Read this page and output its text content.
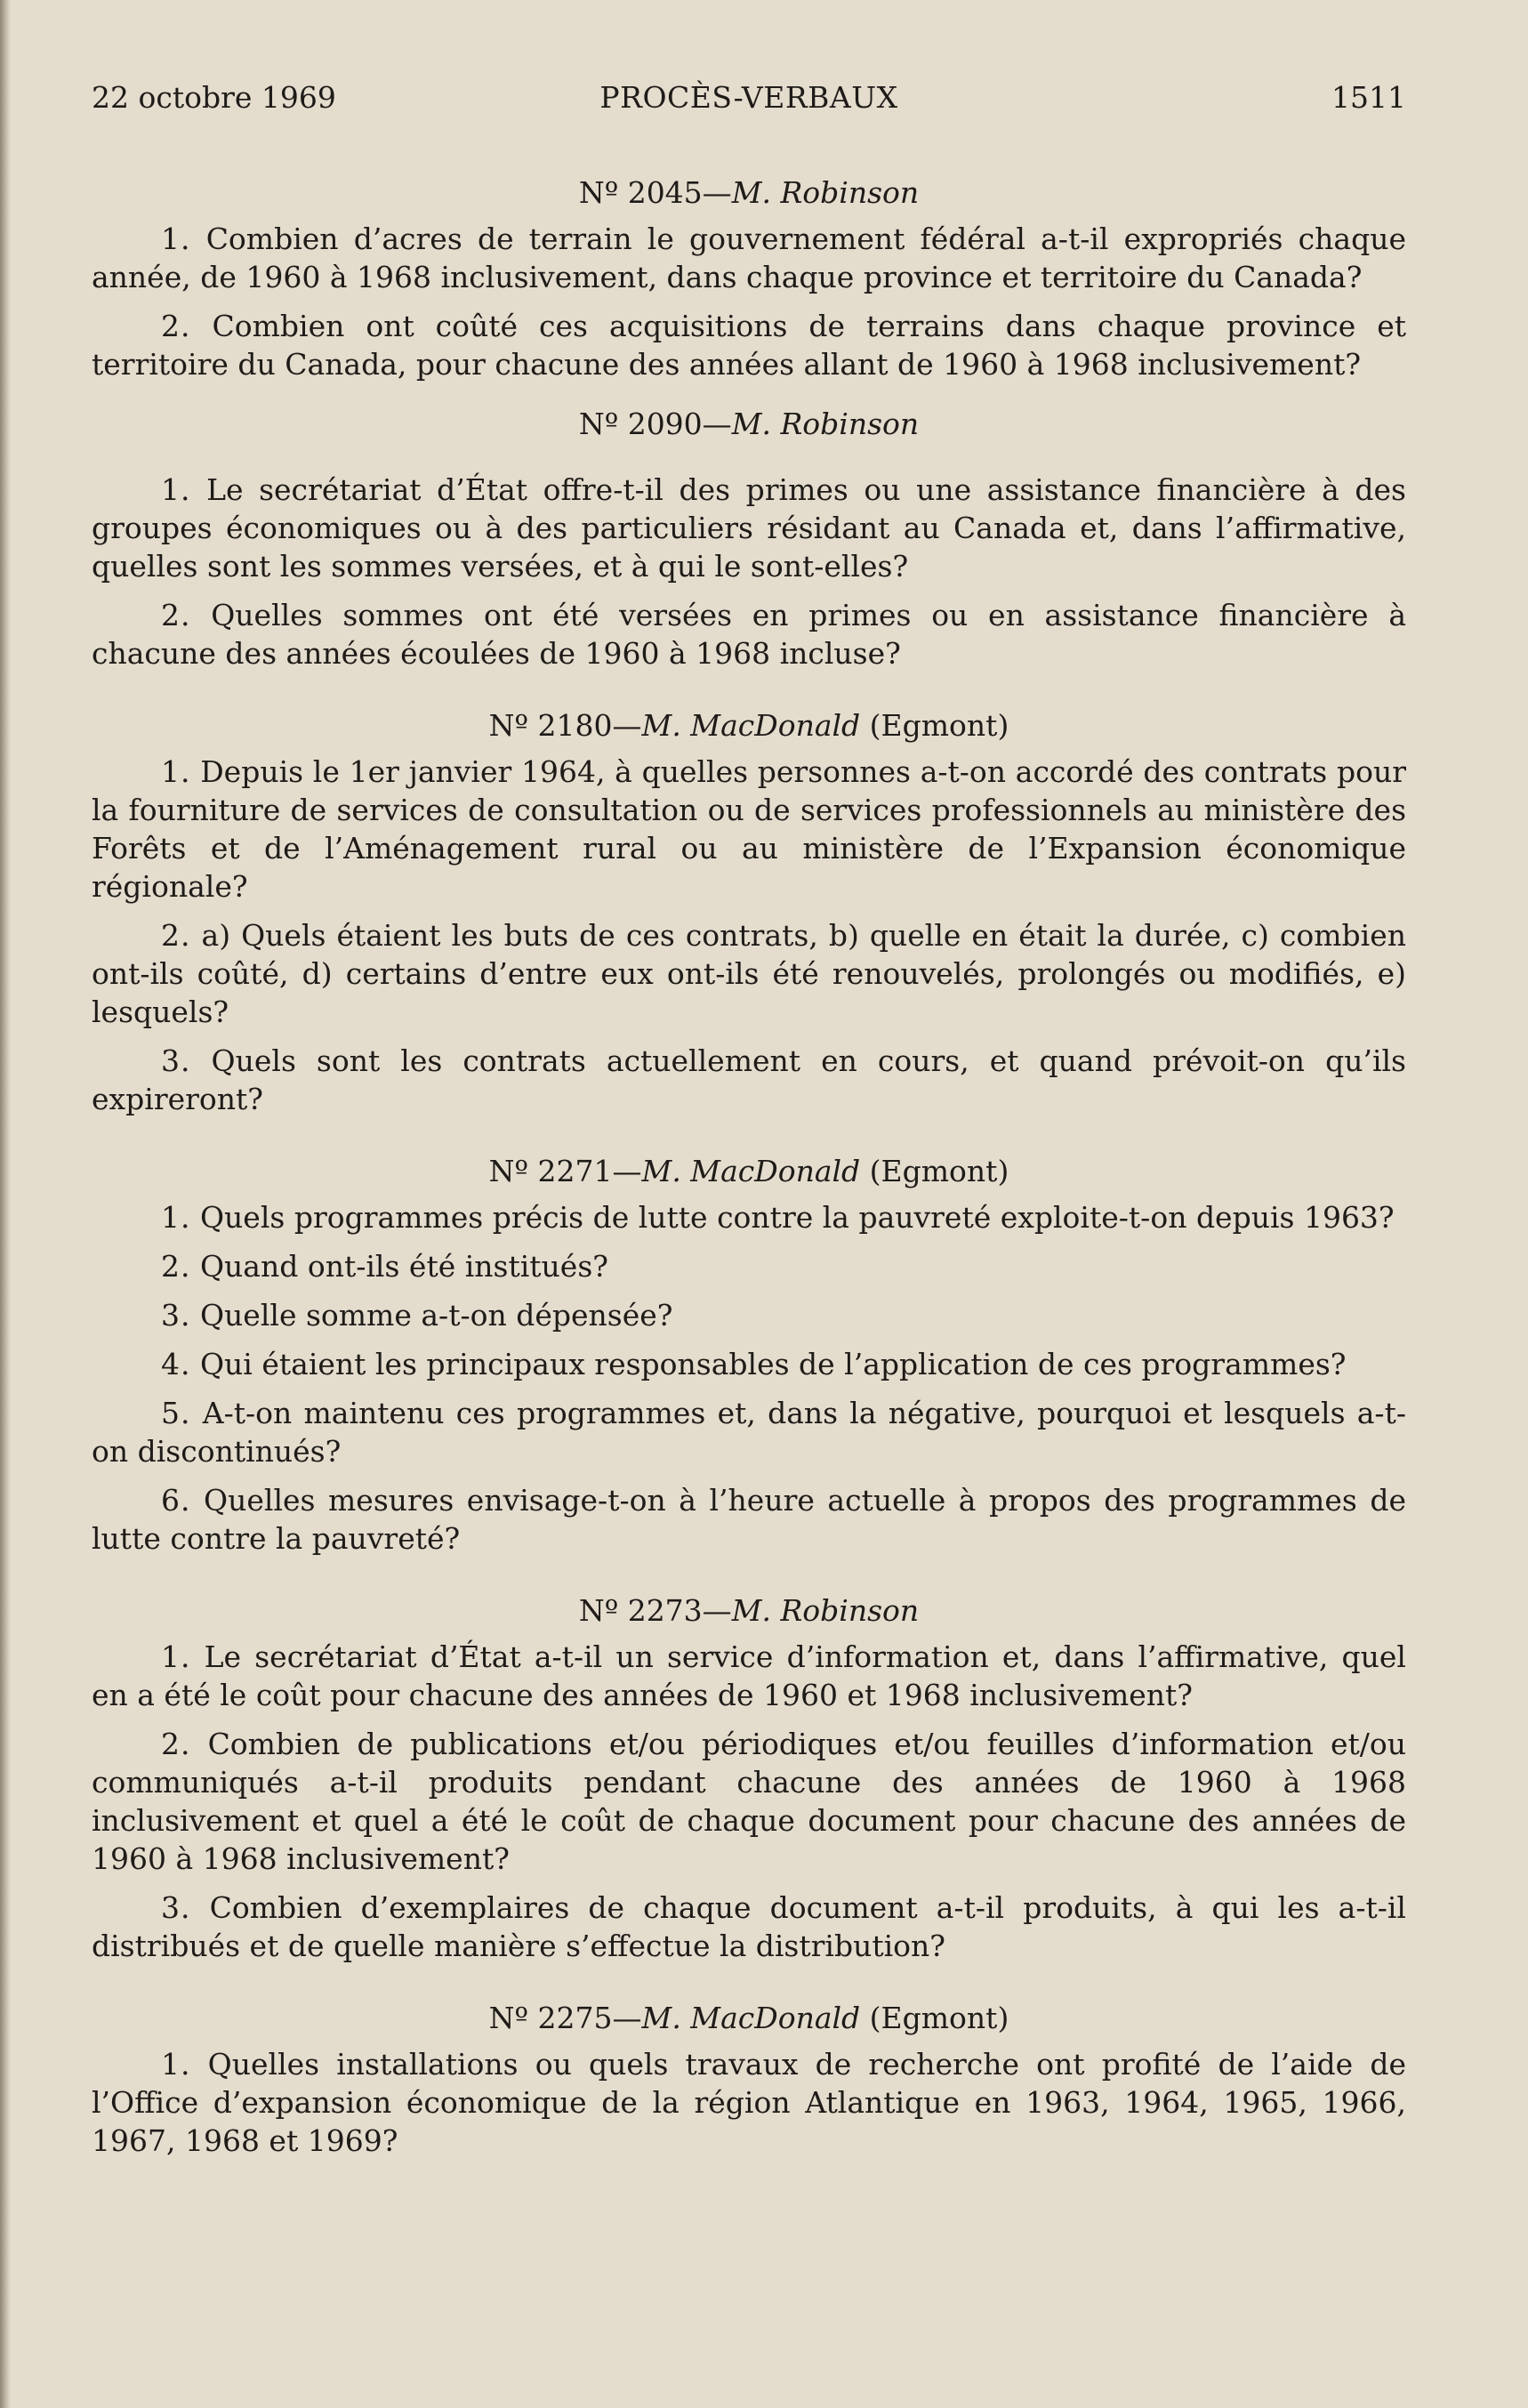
22 octobre 1969	PROCÈS-VERBAUX	1511
Nº 2045—M. Robinson

1. Combien d’acres de terrain le gouvernement fédéral a-t-il expropriés chaque année, de 1960 à 1968 inclusivement, dans chaque province et territoire du Canada?

2. Combien ont coûté ces acquisitions de terrains dans chaque province et territoire du Canada, pour chacune des années allant de 1960 à 1968 inclusivement?

Nº 2090—M. Robinson

1. Le secrétariat d’État offre-t-il des primes ou une assistance financière à des groupes économiques ou à des particuliers résidant au Canada et, dans l’affirmative, quelles sont les sommes versées, et à qui le sont-elles?

2. Quelles sommes ont été versées en primes ou en assistance financière à chacune des années écoulées de 1960 à 1968 incluse?

Nº 2180—M. MacDonald (Egmont)

1. Depuis le 1er janvier 1964, à quelles personnes a-t-on accordé des contrats pour la fourniture de services de consultation ou de services professionnels au ministère des Forêts et de l’Aménagement rural ou au ministère de l’Expansion économique régionale?

2. a) Quels étaient les buts de ces contrats, b) quelle en était la durée, c) combien ont-ils coûté, d) certains d’entre eux ont-ils été renouvelés, prolongés ou modifiés, e) lesquels?

3. Quels sont les contrats actuellement en cours, et quand prévoit-on qu’ils expireront?

Nº 2271—M. MacDonald (Egmont)

1. Quels programmes précis de lutte contre la pauvreté exploite-t-on depuis 1963?

2. Quand ont-ils été institués?

3. Quelle somme a-t-on dépensée?

4. Qui étaient les principaux responsables de l’application de ces programmes?

5. A-t-on maintenu ces programmes et, dans la négative, pourquoi et lesquels a-t-on discontinués?

6. Quelles mesures envisage-t-on à l’heure actuelle à propos des programmes de lutte contre la pauvreté?

Nº 2273—M. Robinson

1. Le secrétariat d’État a-t-il un service d’information et, dans l’affirmative, quel en a été le coût pour chacune des années de 1960 et 1968 inclusivement?

2. Combien de publications et/ou périodiques et/ou feuilles d’information et/ou communiqués a-t-il produits pendant chacune des années de 1960 à 1968 inclusivement et quel a été le coût de chaque document pour chacune des années de 1960 à 1968 inclusivement?

3. Combien d’exemplaires de chaque document a-t-il produits, à qui les a-t-il distribués et de quelle manière s’effectue la distribution?

Nº 2275—M. MacDonald (Egmont)

1. Quelles installations ou quels travaux de recherche ont profité de l’aide de l’Office d’expansion économique de la région Atlantique en 1963, 1964, 1965, 1966, 1967, 1968 et 1969?
